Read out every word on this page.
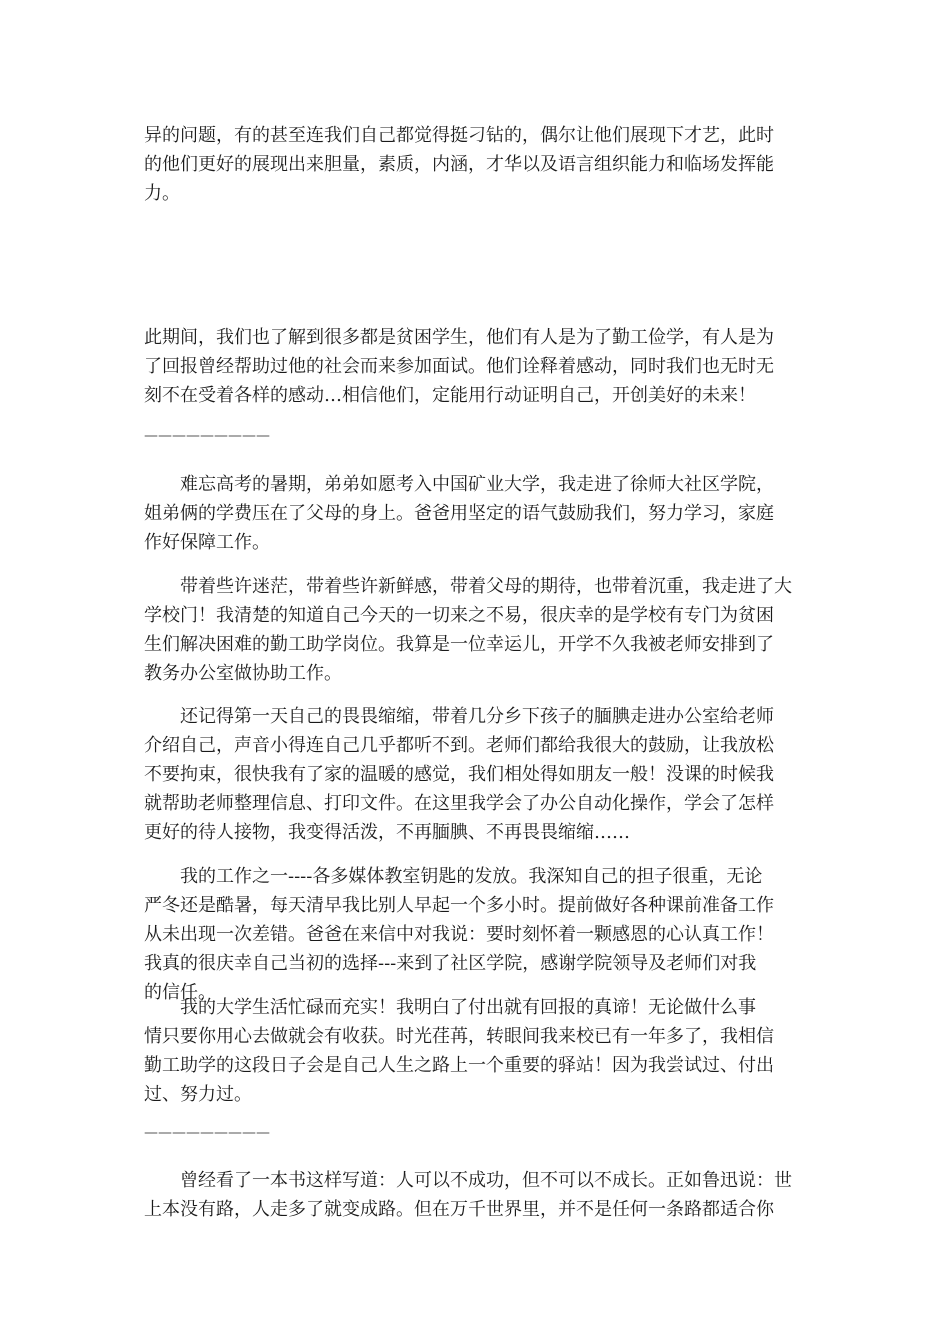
异的问题，有的甚至连我们自己都觉得挺刁钻的，偶尔让他们展现下才艺，此时
的他们更好的展现出来胆量，素质，内涵，才华以及语言组织能力和临场发挥能
力。

此期间，我们也了解到很多都是贫困学生，他们有人是为了勤工俭学，有人是为
了回报曾经帮助过他的社会而来参加面试。他们诠释着感动，同时我们也无时无
刻不在受着各样的感动…相信他们，定能用行动证明自己，开创美好的未来！

—————————

难忘高考的暑期，弟弟如愿考入中国矿业大学，我走进了徐师大社区学院，
姐弟俩的学费压在了父母的身上。爸爸用坚定的语气鼓励我们，努力学习，家庭
作好保障工作。

带着些许迷茫，带着些许新鲜感，带着父母的期待，也带着沉重，我走进了大
学校门！我清楚的知道自己今天的一切来之不易，很庆幸的是学校有专门为贫困
生们解决困难的勤工助学岗位。我算是一位幸运儿，开学不久我被老师安排到了
教务办公室做协助工作。

还记得第一天自己的畏畏缩缩，带着几分乡下孩子的腼腆走进办公室给老师
介绍自己，声音小得连自己几乎都听不到。老师们都给我很大的鼓励，让我放松
不要拘束，很快我有了家的温暖的感觉，我们相处得如朋友一般！没课的时候我
就帮助老师整理信息、打印文件。在这里我学会了办公自动化操作，学会了怎样
更好的待人接物，我变得活泼，不再腼腆、不再畏畏缩缩……

我的工作之一----各多媒体教室钥匙的发放。我深知自己的担子很重，无论
严冬还是酷暑，每天清早我比别人早起一个多小时。提前做好各种课前准备工作
从未出现一次差错。爸爸在来信中对我说：要时刻怀着一颗感恩的心认真工作！
我真的很庆幸自己当初的选择---来到了社区学院，感谢学院领导及老师们对我
的信任。

我的大学生活忙碌而充实！我明白了付出就有回报的真谛！无论做什么事
情只要你用心去做就会有收获。时光荏苒，转眼间我来校已有一年多了，我相信
勤工助学的这段日子会是自己人生之路上一个重要的驿站！因为我尝试过、付出
过、努力过。

—————————

曾经看了一本书这样写道：人可以不成功，但不可以不成长。正如鲁迅说：世
上本没有路，人走多了就变成路。但在万千世界里，并不是任何一条路都适合你
